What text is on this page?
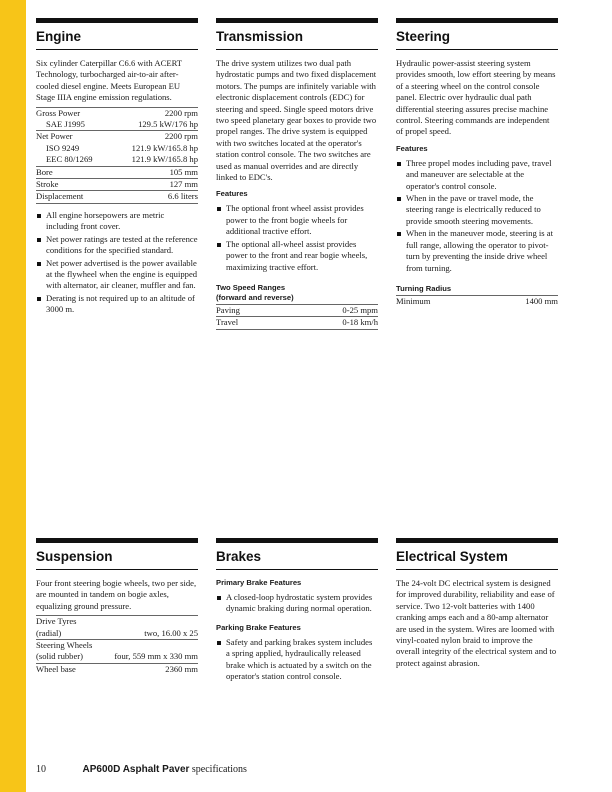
Engine

Six cylinder Caterpillar C6.6 with ACERT Technology, turbocharged air-to-air after-cooled diesel engine. Meets European EU Stage IIIA engine emission regulations.

Gross Power	2200 rpm
SAE J1995	129.5 kW/176 hp
Net Power	2200 rpm
ISO 9249	121.9 kW/165.8 hp
EEC 80/1269	121.9 kW/165.8 hp
Bore	105 mm
Stroke	127 mm
Displacement	6.6 liters
All engine horsepowers are metric including front cover.
Net power ratings are tested at the reference conditions for the specified standard.
Net power advertised is the power available at the flywheel when the engine is equipped with alternator, air cleaner, muffler and fan.
Derating is not required up to an altitude of 3000 m.
Transmission

The drive system utilizes two dual path hydrostatic pumps and two fixed displacement motors. The pumps are infinitely variable with electronic displacement controls (EDC) for steering and speed. Single speed motors drive two speed planetary gear boxes to provide two propel ranges. The drive system is equipped with two switches located at the operator's station control console. The two switches are used as manual overrides and are directly linked to EDC's.

Features
The optional front wheel assist provides power to the front bogie wheels for additional tractive effort.
The optional all-wheel assist provides power to the front and rear bogie wheels, maximizing tractive effort.
Two Speed Ranges
(forward and reverse)
Paving	0-25 mpm
Travel	0-18 km/h
Steering

Hydraulic power-assist steering system provides smooth, low effort steering by means of a steering wheel on the control console panel. Electric over hydraulic dual path differential steering assures precise machine control. Steering commands are independent of propel speed.

Features
Three propel modes including pave, travel and maneuver are selectable at the operator's control console.
When in the pave or travel mode, the steering range is electrically reduced to provide smooth steering movements.
When in the maneuver mode, steering is at full range, allowing the operator to pivot-turn by preventing the inside drive wheel from turning.
Turning Radius
Minimum	1400 mm
Suspension

Four front steering bogie wheels, two per side, are mounted in tandem on bogie axles, equalizing ground pressure.

Drive Tyres
(radial)	two, 16.00 x 25
Steering Wheels
(solid rubber)	four, 559 mm x 330 mm
Wheel base	2360 mm
Brakes
Primary Brake Features
A closed-loop hydrostatic system provides dynamic braking during normal operation.
Parking Brake Features
Safety and parking brakes system includes a spring applied, hydraulically released brake which is actuated by a switch on the operator's station control console.
Electrical System

The 24-volt DC electrical system is designed for improved durability, reliability and ease of service. Two 12-volt batteries with 1400 cranking amps each and a 80-amp alternator are used in the system. Wires are loomed with vinyl-coated nylon braid to improve the overall integrity of the electrical system and to protect against abrasion.

10	AP600D Asphalt Paver specifications
